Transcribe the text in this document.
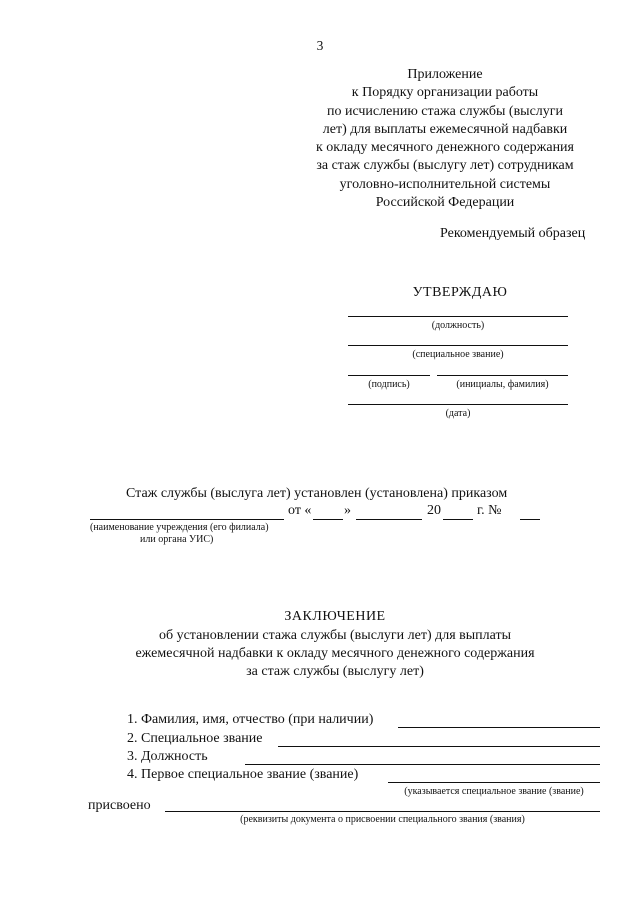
3
Приложение
к Порядку организации работы
по исчислению стажа службы (выслуги
лет) для выплаты ежемесячной надбавки
к окладу месячного денежного содержания
за стаж службы (выслугу лет) сотрудникам
уголовно-исполнительной системы
Российской Федерации
Рекомендуемый образец
УТВЕРЖДАЮ
(должность)
(специальное звание)
(подпись)	(инициалы, фамилия)
(дата)
Стаж службы (выслуга лет) установлен (установлена) приказом
от « »	20	г. №
(наименование учреждения (его филиала)
или органа УИС)
ЗАКЛЮЧЕНИЕ
об установлении стажа службы (выслуги лет) для выплаты
ежемесячной надбавки к окладу месячного денежного содержания
за стаж службы (выслугу лет)
1. Фамилия, имя, отчество (при наличии)
2. Специальное звание
3. Должность
4. Первое специальное звание (звание)
(указывается специальное звание (звание)
присвоено
(реквизиты документа о присвоении специального звания (звания)
